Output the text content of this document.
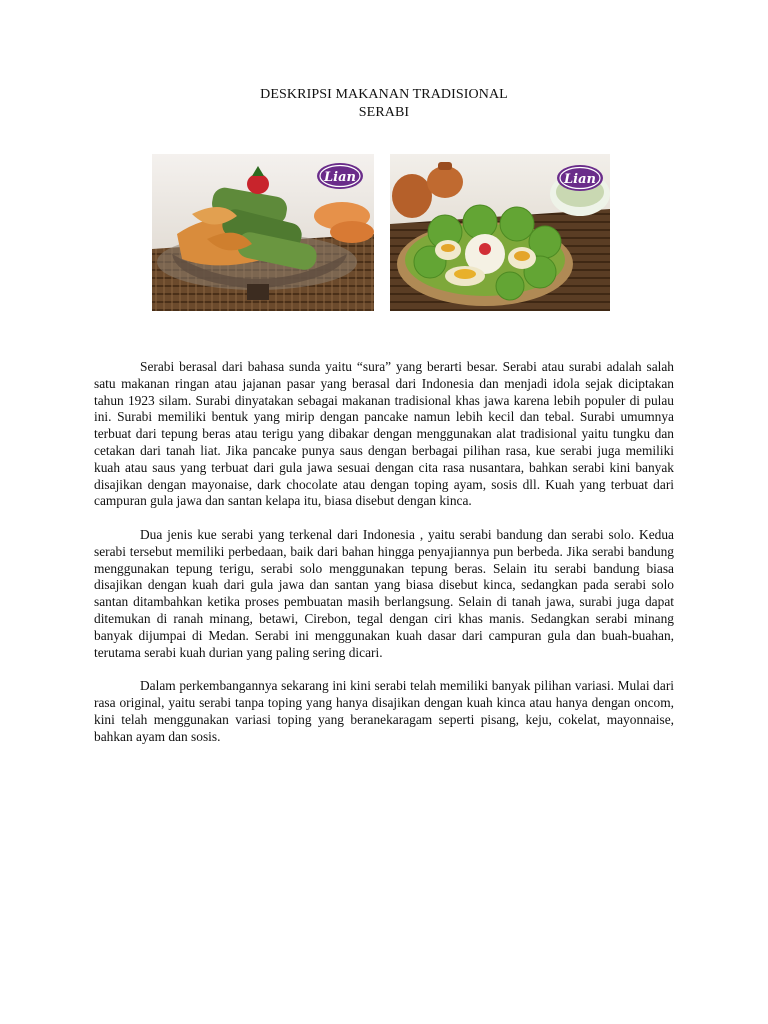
DESKRIPSI MAKANAN TRADISIONAL
SERABI
Lian	Lian

Serabi berasal dari bahasa sunda yaitu “sura” yang berarti besar. Serabi atau surabi adalah salah satu makanan ringan atau jajanan pasar yang berasal dari Indonesia dan menjadi idola sejak diciptakan tahun 1923 silam. Surabi dinyatakan sebagai makanan tradisional khas jawa karena lebih populer di pulau ini. Surabi memiliki bentuk yang mirip dengan pancake namun lebih kecil dan tebal. Surabi umumnya terbuat dari tepung beras atau terigu yang dibakar dengan menggunakan alat tradisional yaitu tungku dan cetakan dari tanah liat. Jika pancake punya saus dengan berbagai pilihan rasa, kue serabi juga memiliki kuah atau saus yang terbuat dari gula jawa sesuai dengan cita rasa nusantara, bahkan serabi kini banyak disajikan dengan mayonaise, dark chocolate atau dengan toping ayam, sosis dll. Kuah yang terbuat dari campuran gula jawa dan santan kelapa itu, biasa disebut dengan kinca.

Dua jenis kue serabi yang terkenal dari Indonesia , yaitu serabi bandung dan serabi solo. Kedua serabi tersebut memiliki perbedaan, baik dari bahan hingga penyajiannya pun berbeda. Jika serabi bandung menggunakan tepung terigu, serabi solo menggunakan tepung beras. Selain itu serabi bandung biasa disajikan dengan kuah dari gula jawa dan santan yang biasa disebut kinca, sedangkan pada serabi solo santan ditambahkan ketika proses pembuatan masih berlangsung. Selain di tanah jawa, surabi juga dapat ditemukan di ranah minang, betawi, Cirebon, tegal dengan ciri khas manis. Sedangkan serabi minang banyak dijumpai di Medan. Serabi ini menggunakan kuah dasar dari campuran gula dan buah-buahan, terutama serabi kuah durian yang paling sering dicari.

Dalam perkembangannya sekarang ini kini serabi telah memiliki banyak pilihan variasi. Mulai dari rasa original, yaitu serabi tanpa toping yang hanya disajikan dengan kuah kinca atau hanya dengan oncom, kini telah menggunakan variasi toping yang beranekaragam seperti pisang, keju, cokelat, mayonnaise, bahkan ayam dan sosis.
